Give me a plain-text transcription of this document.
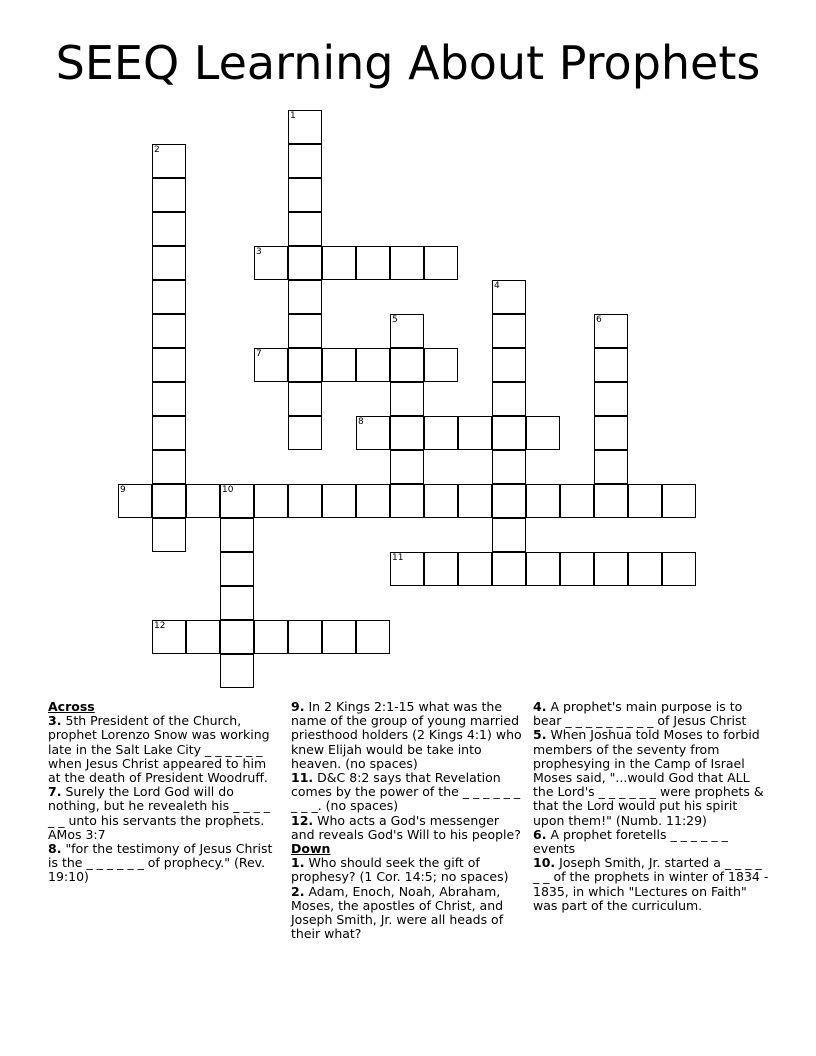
SEEQ Learning About Prophets
1
2
3
4
5	6
7
8
9	10
11
12
Across
3. 5th President of the Church, prophet Lorenzo Snow was working late in the Salt Lake City _ _ _ _ _ _ when Jesus Christ appeared to him at the death of President Woodruff.
7. Surely the Lord God will do nothing, but he revealeth his _ _ _ _ _ _ unto his servants the prophets. AMos 3:7
8. "for the testimony of Jesus Christ is the _ _ _ _ _ _ of prophecy." (Rev. 19:10)
9. In 2 Kings 2:1-15 what was the name of the group of young married priesthood holders (2 Kings 4:1) who knew Elijah would be take into heaven. (no spaces)
11. D&C 8:2 says that Revelation comes by the power of the _ _ _ _ _ _ _ _ _. (no spaces)
12. Who acts a God's messenger and reveals God's Will to his people?
Down
1. Who should seek the gift of prophesy? (1 Cor. 14:5; no spaces)
2. Adam, Enoch, Noah, Abraham, Moses, the apostles of Christ, and Joseph Smith, Jr. were all heads of their what?
4. A prophet's main purpose is to bear _ _ _ _ _ _ _ _ _ of Jesus Christ
5. When Joshua told Moses to forbid members of the seventy from prophesying in the Camp of Israel Moses said, "...would God that ALL the Lord's _ _ _ _ _ _ were prophets & that the Lord would put his spirit upon them!" (Numb. 11:29)
6. A prophet foretells _ _ _ _ _ _ events
10. Joseph Smith, Jr. started a _ _ _ _ _ _ of the prophets in winter of 1834 - 1835, in which "Lectures on Faith" was part of the curriculum.
